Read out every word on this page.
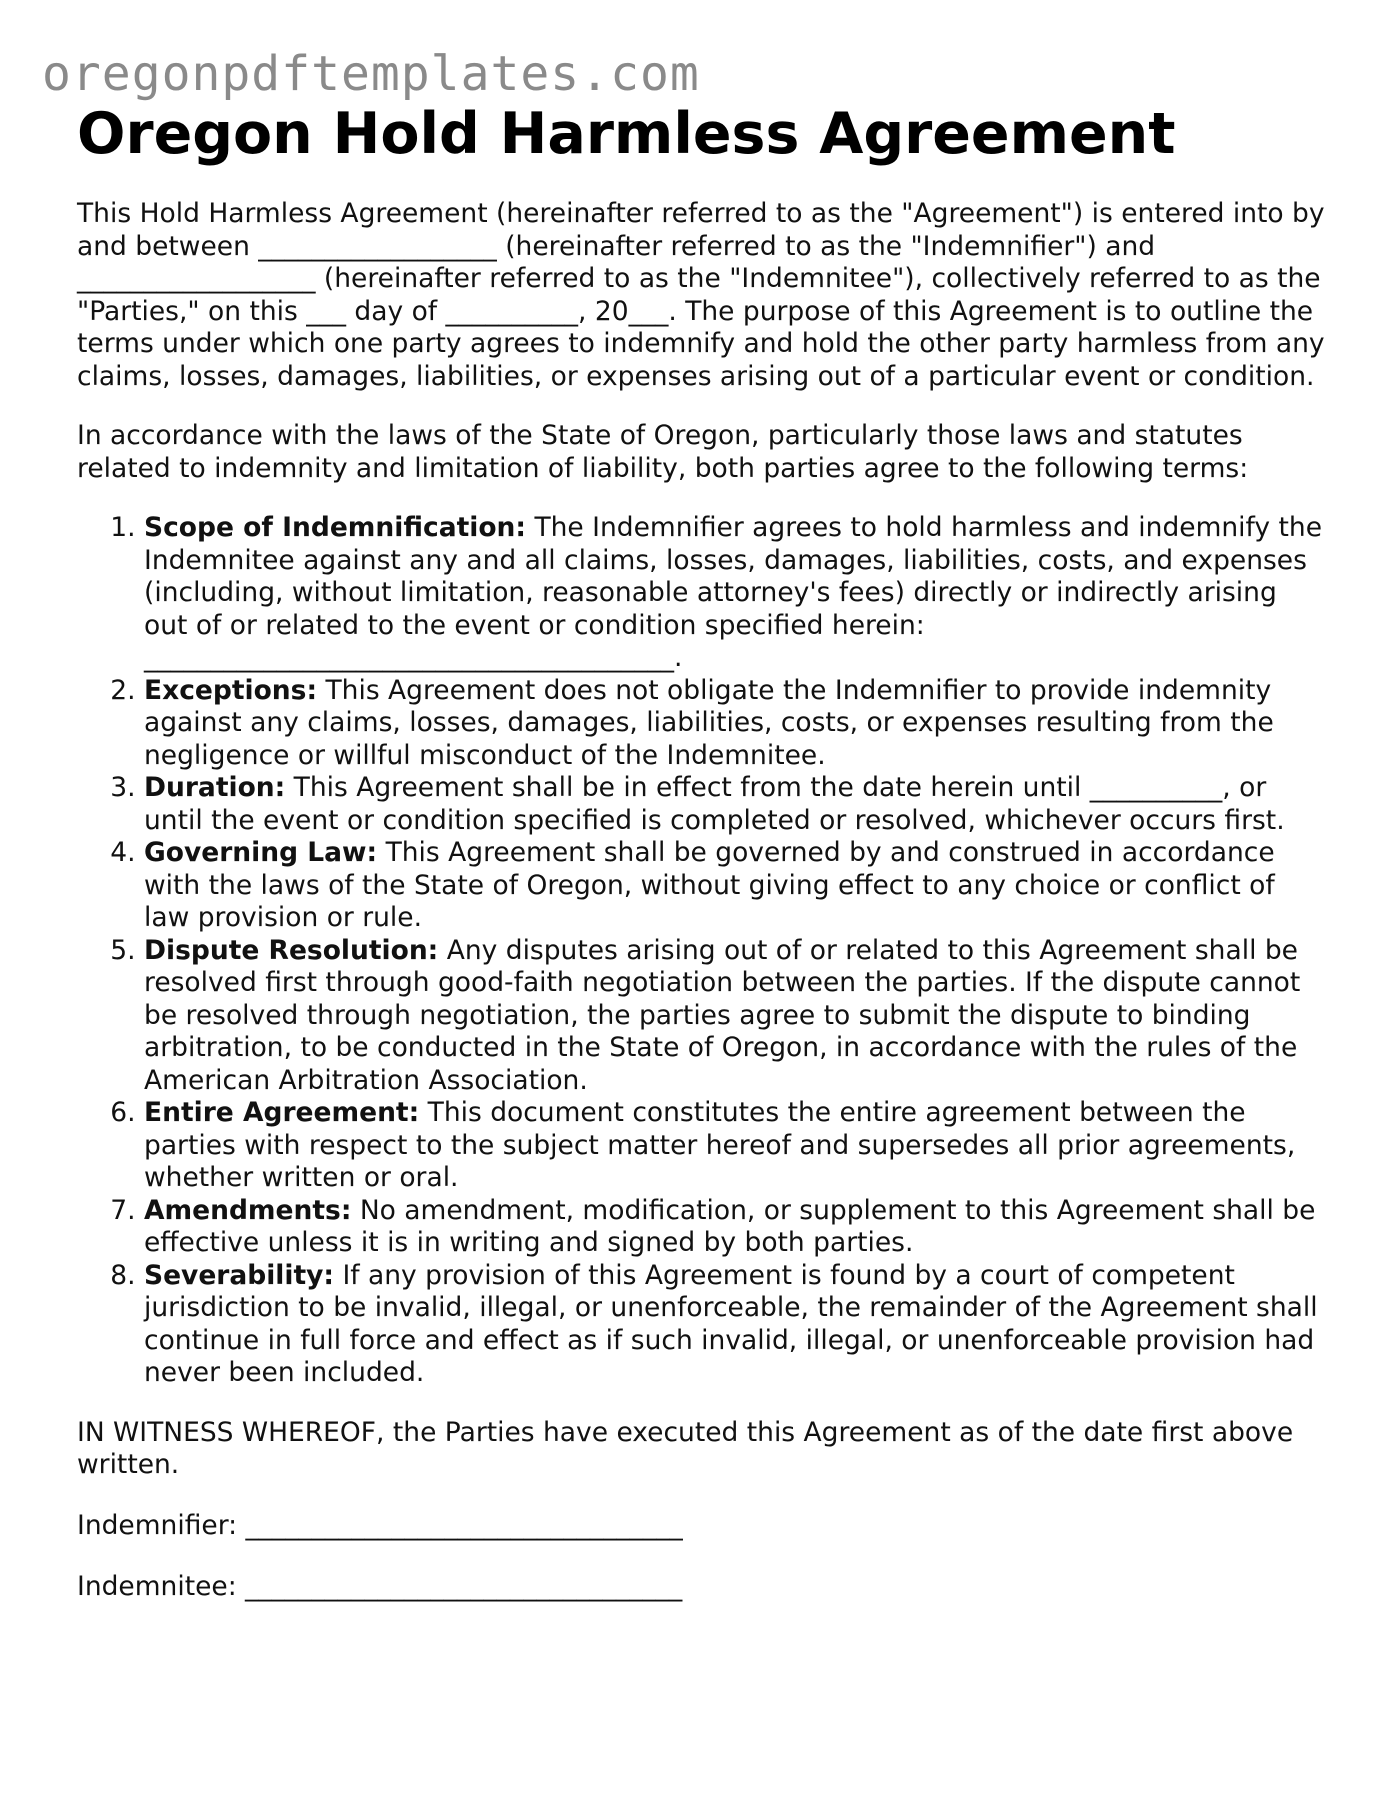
oregonpdftemplates.com
Oregon Hold Harmless Agreement

This Hold Harmless Agreement (hereinafter referred to as the "Agreement") is entered into by and between __________________ (hereinafter referred to as the "Indemnifier") and __________________ (hereinafter referred to as the "Indemnitee"), collectively referred to as the "Parties," on this ___ day of __________, 20___. The purpose of this Agreement is to outline the terms under which one party agrees to indemnify and hold the other party harmless from any claims, losses, damages, liabilities, or expenses arising out of a particular event or condition.

In accordance with the laws of the State of Oregon, particularly those laws and statutes related to indemnity and limitation of liability, both parties agree to the following terms:

1. Scope of Indemnification: The Indemnifier agrees to hold harmless and indemnify the Indemnitee against any and all claims, losses, damages, liabilities, costs, and expenses (including, without limitation, reasonable attorney's fees) directly or indirectly arising out of or related to the event or condition specified herein: ________________________________________.
2. Exceptions: This Agreement does not obligate the Indemnifier to provide indemnity against any claims, losses, damages, liabilities, costs, or expenses resulting from the negligence or willful misconduct of the Indemnitee.
3. Duration: This Agreement shall be in effect from the date herein until __________, or until the event or condition specified is completed or resolved, whichever occurs first.
4. Governing Law: This Agreement shall be governed by and construed in accordance with the laws of the State of Oregon, without giving effect to any choice or conflict of law provision or rule.
5. Dispute Resolution: Any disputes arising out of or related to this Agreement shall be resolved first through good-faith negotiation between the parties. If the dispute cannot be resolved through negotiation, the parties agree to submit the dispute to binding arbitration, to be conducted in the State of Oregon, in accordance with the rules of the American Arbitration Association.
6. Entire Agreement: This document constitutes the entire agreement between the parties with respect to the subject matter hereof and supersedes all prior agreements, whether written or oral.
7. Amendments: No amendment, modification, or supplement to this Agreement shall be effective unless it is in writing and signed by both parties.
8. Severability: If any provision of this Agreement is found by a court of competent jurisdiction to be invalid, illegal, or unenforceable, the remainder of the Agreement shall continue in full force and effect as if such invalid, illegal, or unenforceable provision had never been included.

IN WITNESS WHEREOF, the Parties have executed this Agreement as of the date first above written.

Indemnifier: _________________________________

Indemnitee: _________________________________
